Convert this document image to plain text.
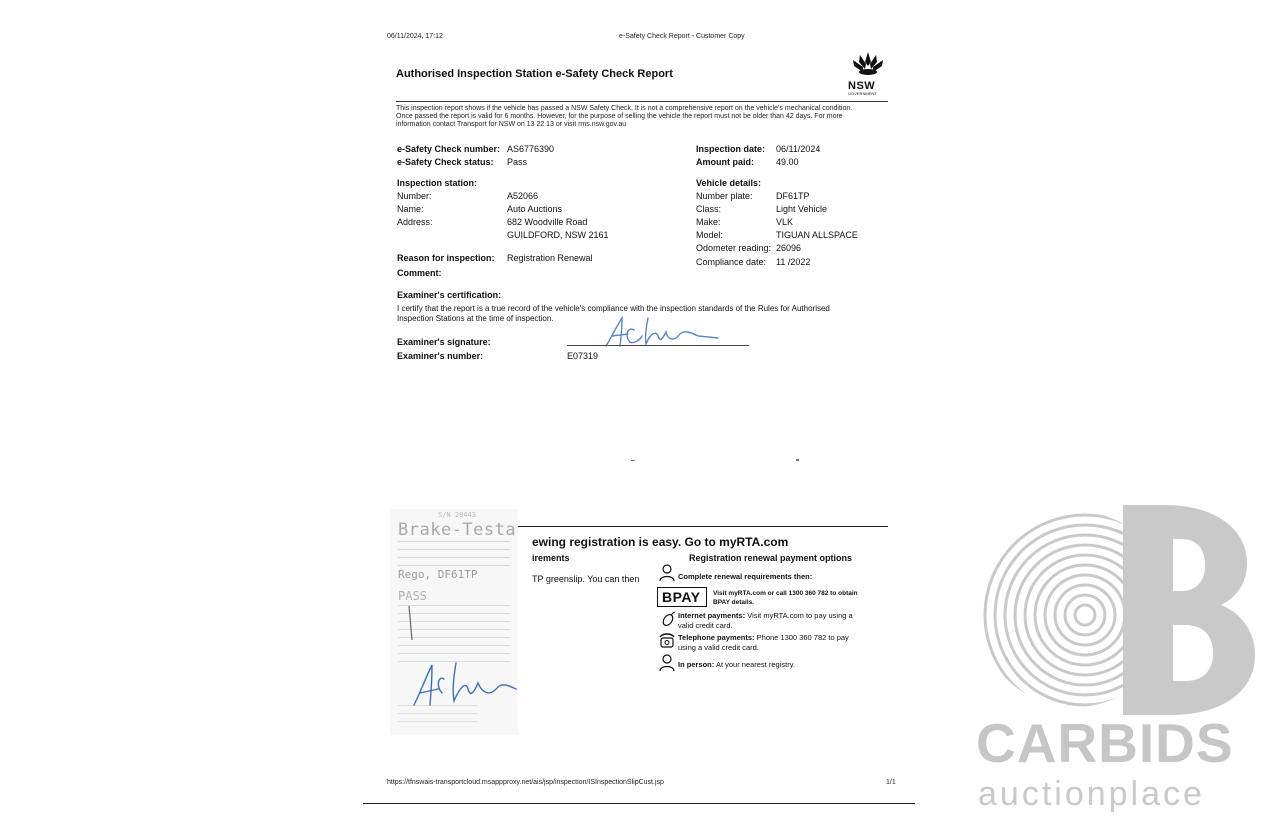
06/11/2024, 17:12	e-Safety Check Report - Customer Copy
Authorised Inspection Station e-Safety Check Report
NSW
GOVERNMENT
This inspection report shows if the vehicle has passed a NSW Safety Check. It is not a comprehensive report on the vehicle's mechanical condition.
Once passed the report is valid for 6 months. However, for the purpose of selling the vehicle the report must not be older than 42 days. For more
information contact Transport for NSW on 13 22 13 or visit rms.nsw.gov.au
e-Safety Check number: AS6776390
e-Safety Check status: Pass
Inspection date: 06/11/2024
Amount paid: 49.00
Inspection station:
Number:	A52066
Name:	Auto Auctions
Address:	682 Woodville Road
GUILDFORD, NSW 2161
Vehicle details:
Number plate:	DF61TP
Class:	Light Vehicle
Make:	VLK
Model:	TIGUAN ALLSPACE
Odometer reading: 26096
Compliance date: 11 /2022
Reason for inspection: Registration Renewal
Comment:
Examiner's certification:
I certify that the report is a true record of the vehicle's compliance with the inspection standards of the Rules for Authorised
Inspection Stations at the time of inspection.
Examiner's signature:
Examiner's number:	E07319
S/N 28443
Brake-Testa
Rego, DF61TP
PASS
ewing registration is easy. Go to myRTA.com
irements
TP greenslip. You can then
Registration renewal payment options
Complete renewal requirements then:
BPAY Visit myRTA.com or call 1300 360 782 to obtain
BPAY details.
Internet payments: Visit myRTA.com to pay using a
valid credit card.
Telephone payments: Phone 1300 360 782 to pay
using a valid credit card.
In person: At your nearest registry.
https://tfnswais-transportcloud.msappproxy.net/ais/jsp/inspection/ISInspectionSlipCust.jsp	1/1
CARBIDS
auctionplace
